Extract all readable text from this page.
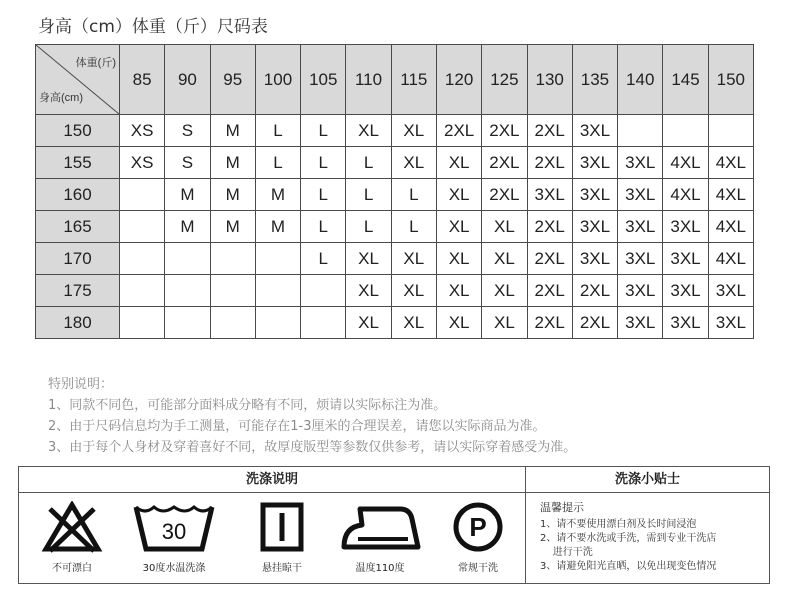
身高（cm）体重（斤）尺码表
体重(斤)
身高(cm)	85	90	95	100	105	110	115	120	125	130	135	140	145	150
150	XS	S	M	L	L	XL	XL	2XL	2XL	2XL	3XL			
155	XS	S	M	L	L	L	XL	XL	2XL	2XL	3XL	3XL	4XL	4XL
160		M	M	M	L	L	L	XL	2XL	3XL	3XL	3XL	4XL	4XL
165		M	M	M	L	L	L	XL	XL	2XL	3XL	3XL	3XL	4XL
170					L	XL	XL	XL	XL	2XL	3XL	3XL	3XL	4XL
175						XL	XL	XL	XL	2XL	2XL	3XL	3XL	3XL
180						XL	XL	XL	XL	2XL	2XL	3XL	3XL	3XL
特别说明：
1、同款不同色，可能部分面料成分略有不同，烦请以实际标注为准。
2、由于尺码信息均为手工测量，可能存在1-3厘米的合理误差，请您以实际商品为准。
3、由于每个人身材及穿着喜好不同，故厚度版型等参数仅供参考，请以实际穿着感受为准。
洗涤说明
不可漂白
30
30度水温洗涤	悬挂晾干	温度110度
P
常规干洗
洗涤小贴士
温馨提示
1、请不要使用漂白剂及长时间浸泡
2、请不要水洗或手洗，需到专业干洗店
进行干洗
3、请避免阳光直晒，以免出现变色情况
